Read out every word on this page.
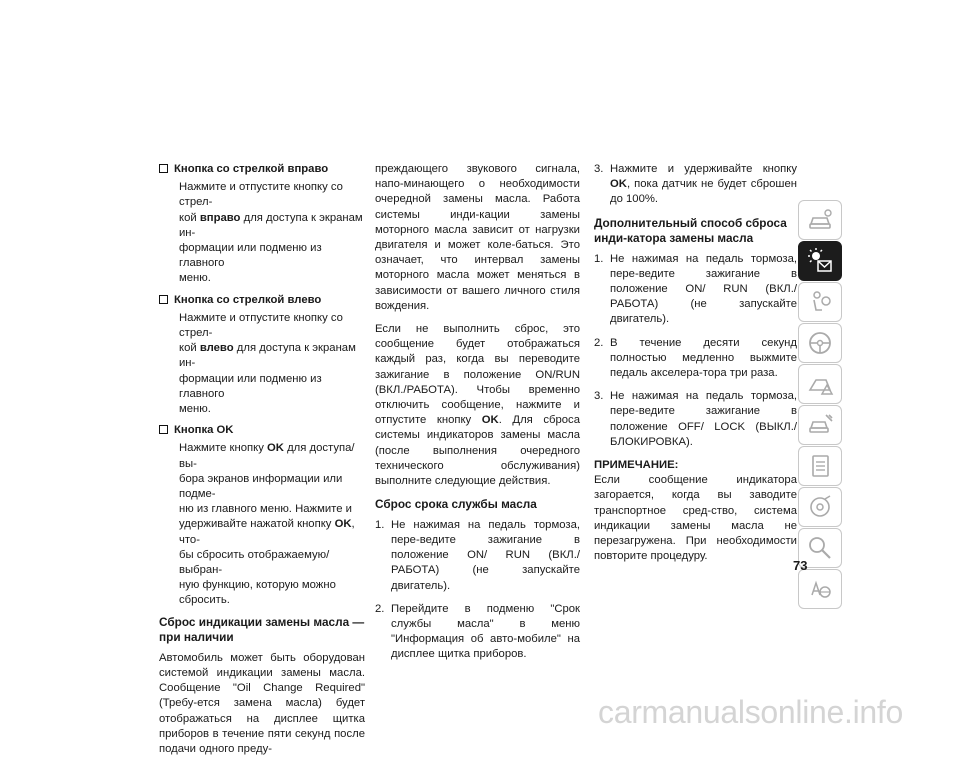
Кнопка со стрелкой вправо

Нажмите и отпустите кнопку со стрел-

кой вправо для доступа к экранам ин-

формации или подменю из главного

меню.

Кнопка со стрелкой влево

Нажмите и отпустите кнопку со стрел-

кой влево для доступа к экранам ин-

формации или подменю из главного

меню.

Кнопка OK

Нажмите кнопку OK для доступа/вы-

бора экранов информации или подме-

ню из главного меню. Нажмите и

удерживайте нажатой кнопку OK, что-

бы сбросить отображаемую/выбран-

ную функцию, которую можно

сбросить.

Сброс индикации замены масла — при наличии

Автомобиль может быть оборудован системой индикации замены масла. Сообщение "Oil Change Required" (Требу-ется замена масла) будет отображаться на дисплее щитка приборов в течение пяти секунд после подачи одного преду-

преждающего звукового сигнала, напо-минающего о необходимости очередной замены масла. Работа системы инди-кации замены моторного масла зависит от нагрузки двигателя и может коле-баться. Это означает, что интервал замены моторного масла может меняться в зависимости от вашего личного стиля вождения.

Если не выполнить сброс, это сообщение будет отображаться каждый раз, когда вы переводите зажигание в положение ON/RUN (ВКЛ./РАБОТА). Чтобы временно отключить сообщение, нажмите и отпустите кнопку OK. Для сброса системы индикаторов замены масла (после выполнения очередного технического обслуживания) выполните следующие действия.

Сброс срока службы масла
1. Не нажимая на педаль тормоза, пере-ведите зажигание в положение ON/ RUN (ВКЛ./РАБОТА) (не запускайте двигатель).
2. Перейдите в подменю "Срок службы масла" в меню "Информация об авто-мобиле" на дисплее щитка приборов.
3. Нажмите и удерживайте кнопку OK, пока датчик не будет сброшен до 100%.
Дополнительный способ сброса инди-катора замены масла
1. Не нажимая на педаль тормоза, пере-ведите зажигание в положение ON/ RUN (ВКЛ./РАБОТА) (не запускайте двигатель).
2. В течение десяти секунд полностью медленно выжмите педаль акселера-тора три раза.
3. Не нажимая на педаль тормоза, пере-ведите зажигание в положение OFF/ LOCK (ВЫКЛ./БЛОКИРОВКА).

ПРИМЕЧАНИЕ:

Если сообщение индикатора загорается, когда вы заводите транспортное сред-ство, система индикации замены масла не перезагружена. При необходимости повторите процедуру.

73
carmanualsonline.info
